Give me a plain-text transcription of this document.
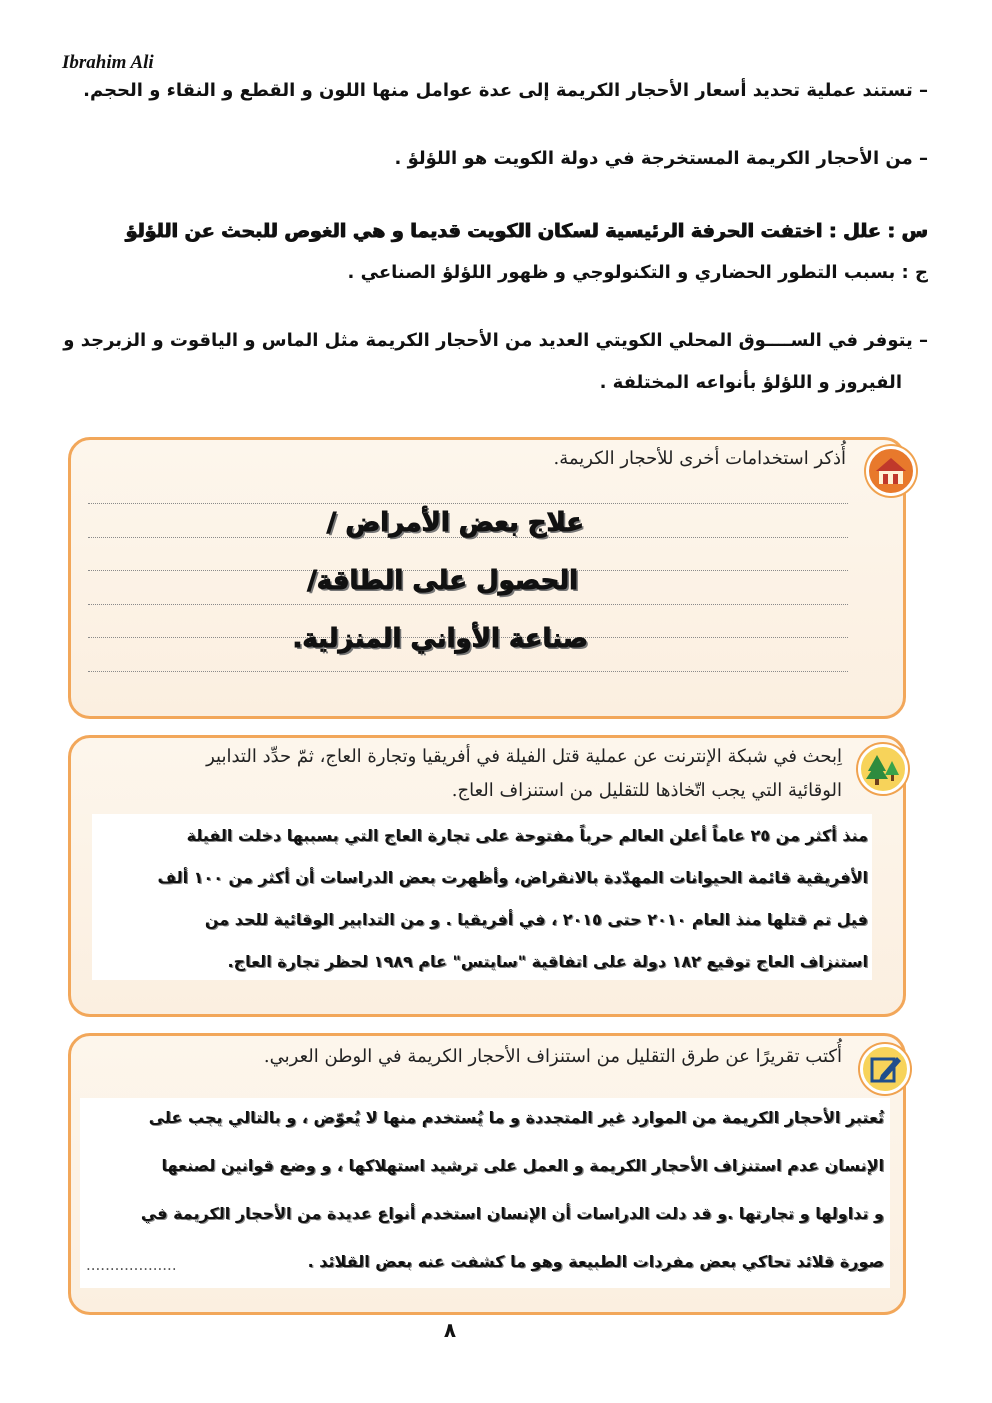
Ibrahim Ali
– تستند عملية تحديد أسعار الأحجار الكريمة إلى عدة عوامل منها اللون و القطع و النقاء و الحجم.
– من الأحجار الكريمة المستخرجة في دولة الكويت هو اللؤلؤ .
س : علل : اختفت الحرفة الرئيسية لسكان الكويت قديما و هي الغوص للبحث عن اللؤلؤ
ج : بسبب التطور الحضاري و التكنولوجي و ظهور اللؤلؤ الصناعي .
– يتوفر في الســــوق المحلي الكويتي العديد من الأحجار الكريمة مثل الماس و الياقوت و الزبرجد و
الفيروز و اللؤلؤ بأنواعه المختلفة .
أُذكر استخدامات أخرى للأحجار الكريمة.
علاج بعض الأمراض /
الحصول على الطاقة/
صناعة الأواني المنزلية.
اِبحث في شبكة الإنترنت عن عملية قتل الفيلة في أفريقيا وتجارة العاج، ثمّ حدِّد التدابير
الوقائية التي يجب اتّخاذها للتقليل من استنزاف العاج.
منذ أكثر من ٢٥ عاماً أعلن العالم حرباً مفتوحة على تجارة العاج التي بسببها دخلت الفيلة
الأفريقية قائمة الحيوانات المهدّدة بالانقراض، وأظهرت بعض الدراسات أن أكثر من ١٠٠ ألف
فيل تم قتلها منذ العام ٢٠١٠ حتى ٢٠١٥ ، في أفريقيا . و من التدابير الوقائية للحد من
استنزاف العاج توقيع ١٨٢ دولة على اتفاقية "سايتس" عام ١٩٨٩ لحظر تجارة العاج.
أُكتب تقريرًا عن طرق التقليل من استنزاف الأحجار الكريمة في الوطن العربي.
تُعتبر الأحجار الكريمة من الموارد غير المتجددة و ما يُستخدم منها لا يُعوّض ، و بالتالي يجب على
الإنسان عدم استنزاف الأحجار الكريمة و العمل على ترشيد استهلاكها ، و وضع قوانين لصنعها
و تداولها و تجارتها .و قد دلت الدراسات أن الإنسان استخدم أنواع عديدة من الأحجار الكريمة في
صورة قلائد تحاكي بعض مفردات الطبيعة وهو ما كشفت عنه بعض القلائد .
...................
٨
